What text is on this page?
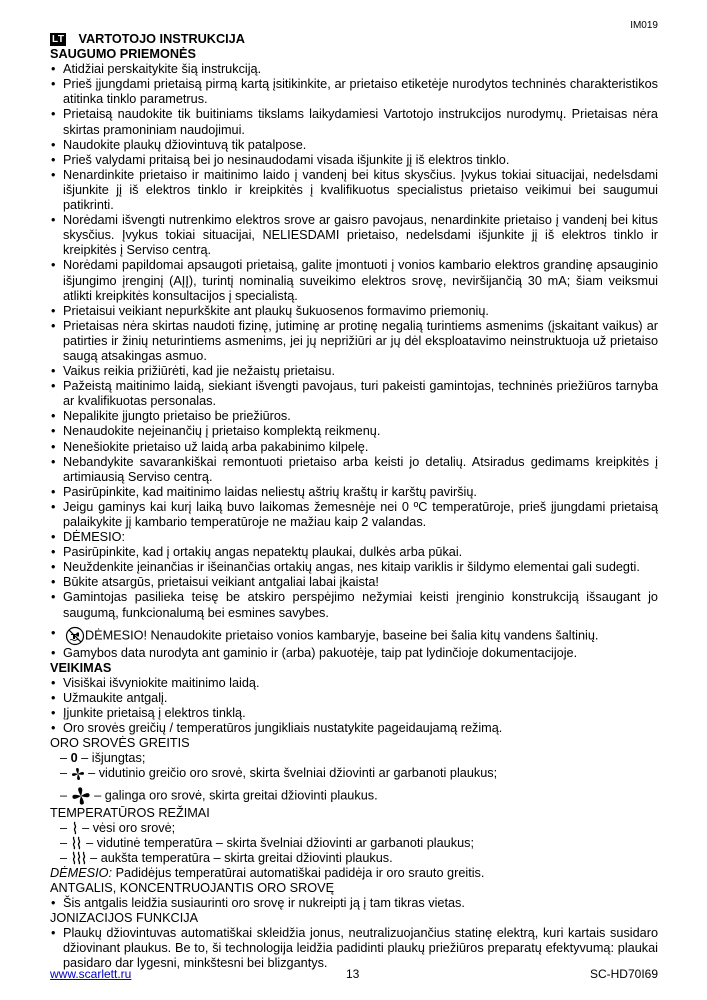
IM019
LT VARTOTOJO INSTRUKCIJA

SAUGUMO PRIEMONĖS

• Atidžiai perskaitykite šią instrukciją.
• Prieš įjungdami prietaisą pirmą kartą įsitikinkite, ar prietaiso etiketėje nurodytos techninės charakteristikos atitinka tinklo parametrus.
• Prietaisą naudokite tik buitiniams tikslams laikydamiesi Vartotojo instrukcijos nurodymų. Prietaisas nėra skirtas pramoniniam naudojimui.
• Naudokite plaukų džiovintuvą tik patalpose.
• Prieš valydami pritaisą bei jo nesinaudodami visada išjunkite jį iš elektros tinklo.
• Nenardinkite prietaiso ir maitinimo laido į vandenį bei kitus skysčius. Įvykus tokiai situacijai, nedelsdami išjunkite jį iš elektros tinklo ir kreipkitės į kvalifikuotus specialistus prietaiso veikimui bei saugumui patikrinti.
• Norėdami išvengti nutrenkimo elektros srove ar gaisro pavojaus, nenardinkite prietaiso į vandenį bei kitus skysčius. Įvykus tokiai situacijai, NELIESDAMI prietaiso, nedelsdami išjunkite jį iš elektros tinklo ir kreipkitės į Serviso centrą.
• Norėdami papildomai apsaugoti prietaisą, galite įmontuoti į vonios kambario elektros grandinę apsauginio išjungimo įrenginį (AĮĮ), turintį nominalią suveikimo elektros srovę, neviršijančią 30 mA; šiam veiksmui atlikti kreipkitės konsultacijos į specialistą.
• Prietaisui veikiant nepurkškite ant plaukų šukuosenos formavimo priemonių.
• Prietaisas nėra skirtas naudoti fizinę, jutiminę ar protinę negalią turintiems asmenims (įskaitant vaikus) ar patirties ir žinių neturintiems asmenims, jei jų neprižiūri ar jų dėl eksploatavimo neinstruktuoja už prietaiso saugą atsakingas asmuo.
• Vaikus reikia prižiūrėti, kad jie nežaistų prietaisu.
• Pažeistą maitinimo laidą, siekiant išvengti pavojaus, turi pakeisti gamintojas, techninės priežiūros tarnyba ar kvalifikuotas personalas.
• Nepalikite įjungto prietaiso be priežiūros.
• Nenaudokite nejeinančių į prietaiso komplektą reikmenų.
• Nenešiokite prietaiso už laidą arba pakabinimo kilpelę.
• Nebandykite savarankiškai remontuoti prietaiso arba keisti jo detalių. Atsiradus gedimams kreipkitės į artimiausią Serviso centrą.
• Pasirūpinkite, kad maitinimo laidas neliestų aštrių kraštų ir karštų paviršių.
• Jeigu gaminys kai kurį laiką buvo laikomas žemesnėje nei 0 ºC temperatūroje, prieš įjungdami prietaisą palaikykite jį kambario temperatūroje ne mažiau kaip 2 valandas.
• DĖMESIO:
• Pasirūpinkite, kad į ortakių angas nepatektų plaukai, dulkės arba pūkai.
• Neuždenkite įeinančias ir išeinančias ortakių angas, nes kitaip variklis ir šildymo elementai gali sudegti.
• Būkite atsargūs, prietaisui veikiant antgaliai labai įkaista!
• Gamintojas pasilieka teisę be atskiro perspėjimo nežymiai keisti įrenginio konstrukciją išsaugant jo saugumą, funkcionalumą bei esmines savybes.
• DĖMESIO! Nenaudokite prietaiso vonios kambaryje, baseine bei šalia kitų vandens šaltinių.
• Gamybos data nurodyta ant gaminio ir (arba) pakuotėje, taip pat lydinčioje dokumentacijoje.

VEIKIMAS

• Visiškai išvyniokite maitinimo laidą.
• Užmaukite antgalį.
• Įjunkite prietaisą į elektros tinklą.
• Oro srovės greičių / temperatūros jungikliais nustatykite pageidaujamą režimą.

ORO SROVĖS GREITIS

– 0 – išjungtas;

–  – vidutinio greičio oro srovė, skirta švelniai džiovinti ar garbanoti plaukus;

–  – galinga oro srovė, skirta greitai džiovinti plaukus.

TEMPERATŪROS REŽIMAI

–  – vėsi oro srovė;

–  – vidutinė temperatūra – skirta švelniai džiovinti ar garbanoti plaukus;

–  – aukšta temperatūra – skirta greitai džiovinti plaukus.

DĖMESIO: Padidėjus temperatūrai automatiškai padidėja ir oro srauto greitis.

ANTGALIS, KONCENTRUOJANTIS ORO SROVĘ

• Šis antgalis leidžia susiaurinti oro srovę ir nukreipti ją į tam tikras vietas.

JONIZACIJOS FUNKCIJA

• Plaukų džiovintuvas automatiškai skleidžia jonus, neutralizuojančius statinę elektrą, kuri kartais susidaro džiovinant plaukus. Be to, ši technologija leidžia padidinti plaukų priežiūros preparatų efektyvumą: plaukai pasidaro dar lygesni, minkštesni bei blizgantys.
www.scarlett.ru	13	SC-HD70I69
